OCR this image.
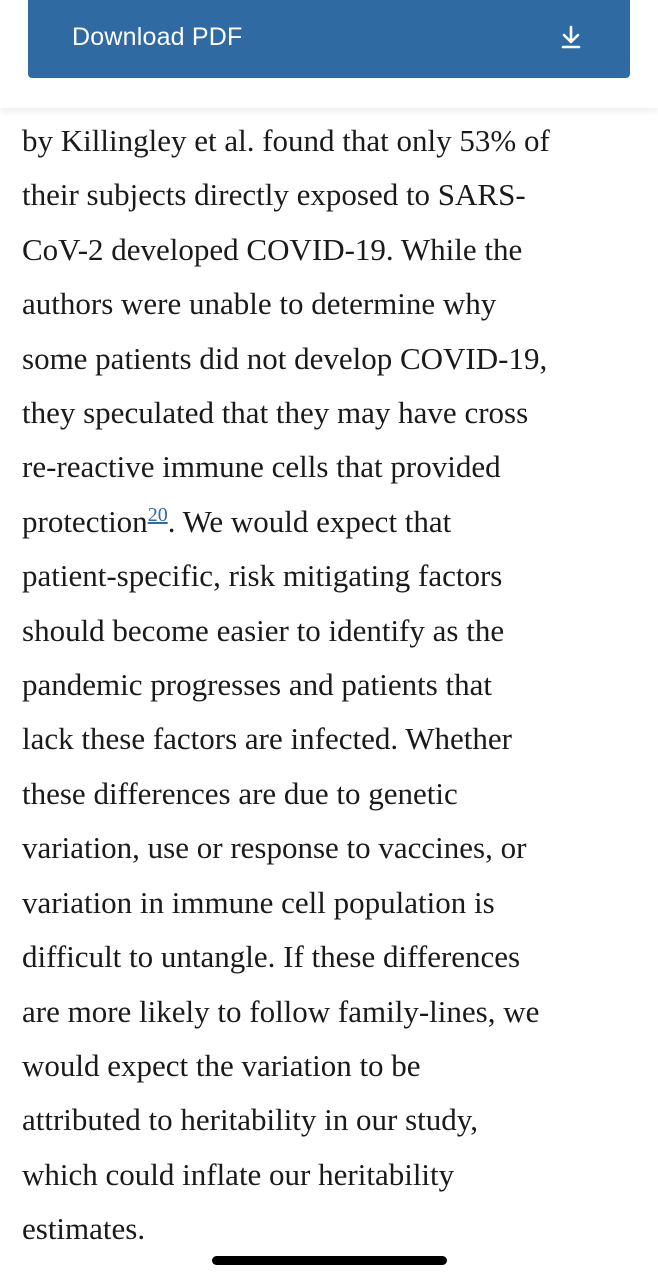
Download PDF
by Killingley et al. found that only 53% of
their subjects directly exposed to SARS-
CoV-2 developed COVID-19. While the
authors were unable to determine why
some patients did not develop COVID-19,
they speculated that they may have cross
re-reactive immune cells that provided
protection$^{20}$. We would expect that
patient-specific, risk mitigating factors
should become easier to identify as the
pandemic progresses and patients that
lack these factors are infected. Whether
these differences are due to genetic
variation, use or response to vaccines, or
variation in immune cell population is
difficult to untangle. If these differences
are more likely to follow family-lines, we
would expect the variation to be
attributed to heritability in our study,
which could inflate our heritability
estimates.
